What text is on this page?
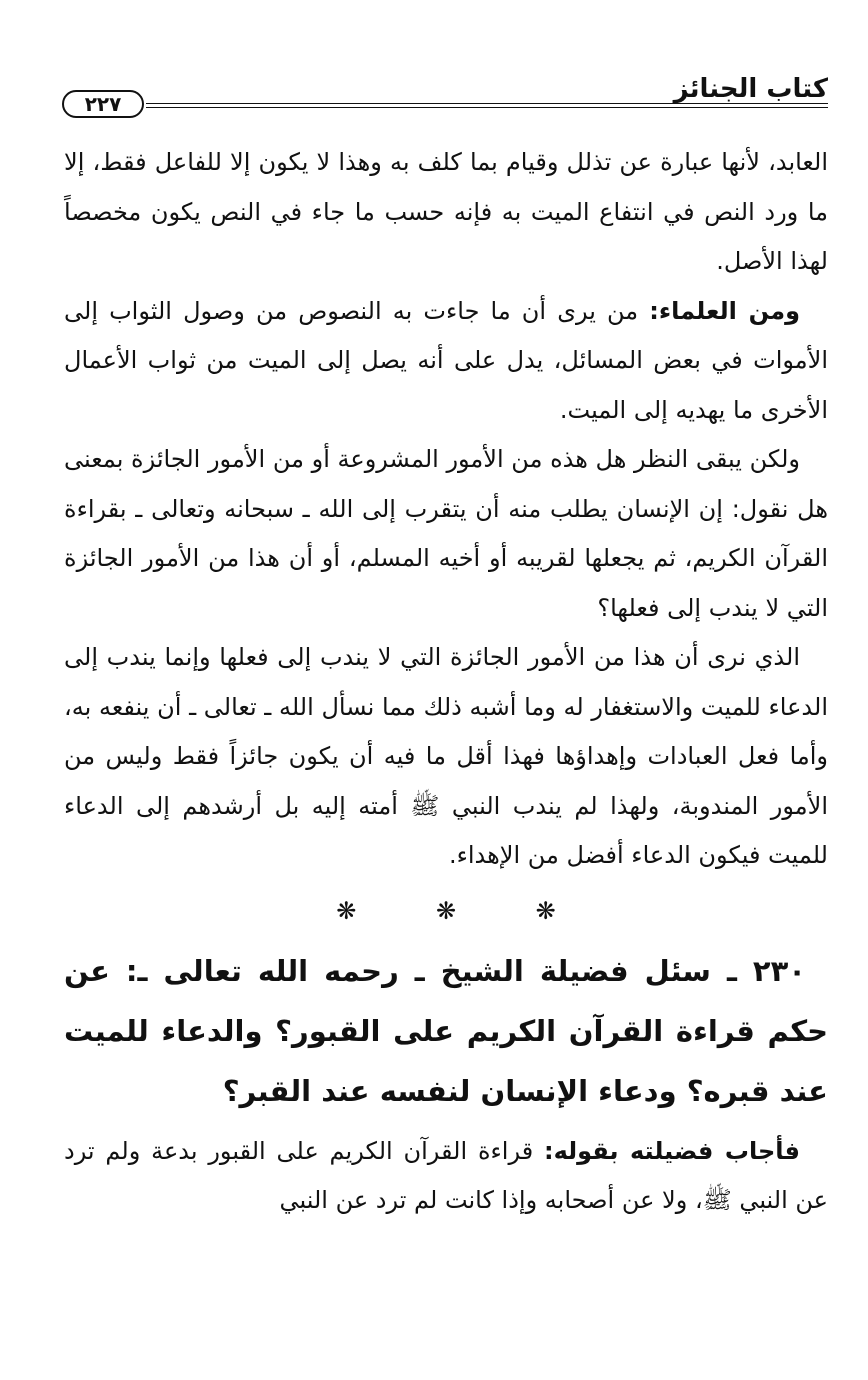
كتاب الجنائز
٢٢٧

العابد، لأنها عبارة عن تذلل وقيام بما كلف به وهذا لا يكون إلا للفاعل فقط، إلا ما ورد النص في انتفاع الميت به فإنه حسب ما جاء في النص يكون مخصصاً لهذا الأصل.

ومن العلماء: من يرى أن ما جاءت به النصوص من وصول الثواب إلى الأموات في بعض المسائل، يدل على أنه يصل إلى الميت من ثواب الأعمال الأخرى ما يهديه إلى الميت.

ولكن يبقى النظر هل هذه من الأمور المشروعة أو من الأمور الجائزة بمعنى هل نقول: إن الإنسان يطلب منه أن يتقرب إلى الله ـ سبحانه وتعالى ـ بقراءة القرآن الكريم، ثم يجعلها لقريبه أو أخيه المسلم، أو أن هذا من الأمور الجائزة التي لا يندب إلى فعلها؟

الذي نرى أن هذا من الأمور الجائزة التي لا يندب إلى فعلها وإنما يندب إلى الدعاء للميت والاستغفار له وما أشبه ذلك مما نسأل الله ـ تعالى ـ أن ينفعه به، وأما فعل العبادات وإهداؤها فهذا أقل ما فيه أن يكون جائزاً فقط وليس من الأمور المندوبة، ولهذا لم يندب النبي ﷺ أمته إليه بل أرشدهم إلى الدعاء للميت فيكون الدعاء أفضل من الإهداء.

❋ ❋ ❋

٢٣٠ ـ سئل فضيلة الشيخ ـ رحمه الله تعالى ـ: عن حكم قراءة القرآن الكريم على القبور؟ والدعاء للميت عند قبره؟ ودعاء الإنسان لنفسه عند القبر؟

فأجاب فضيلته بقوله: قراءة القرآن الكريم على القبور بدعة ولم ترد عن النبي ﷺ، ولا عن أصحابه وإذا كانت لم ترد عن النبي
